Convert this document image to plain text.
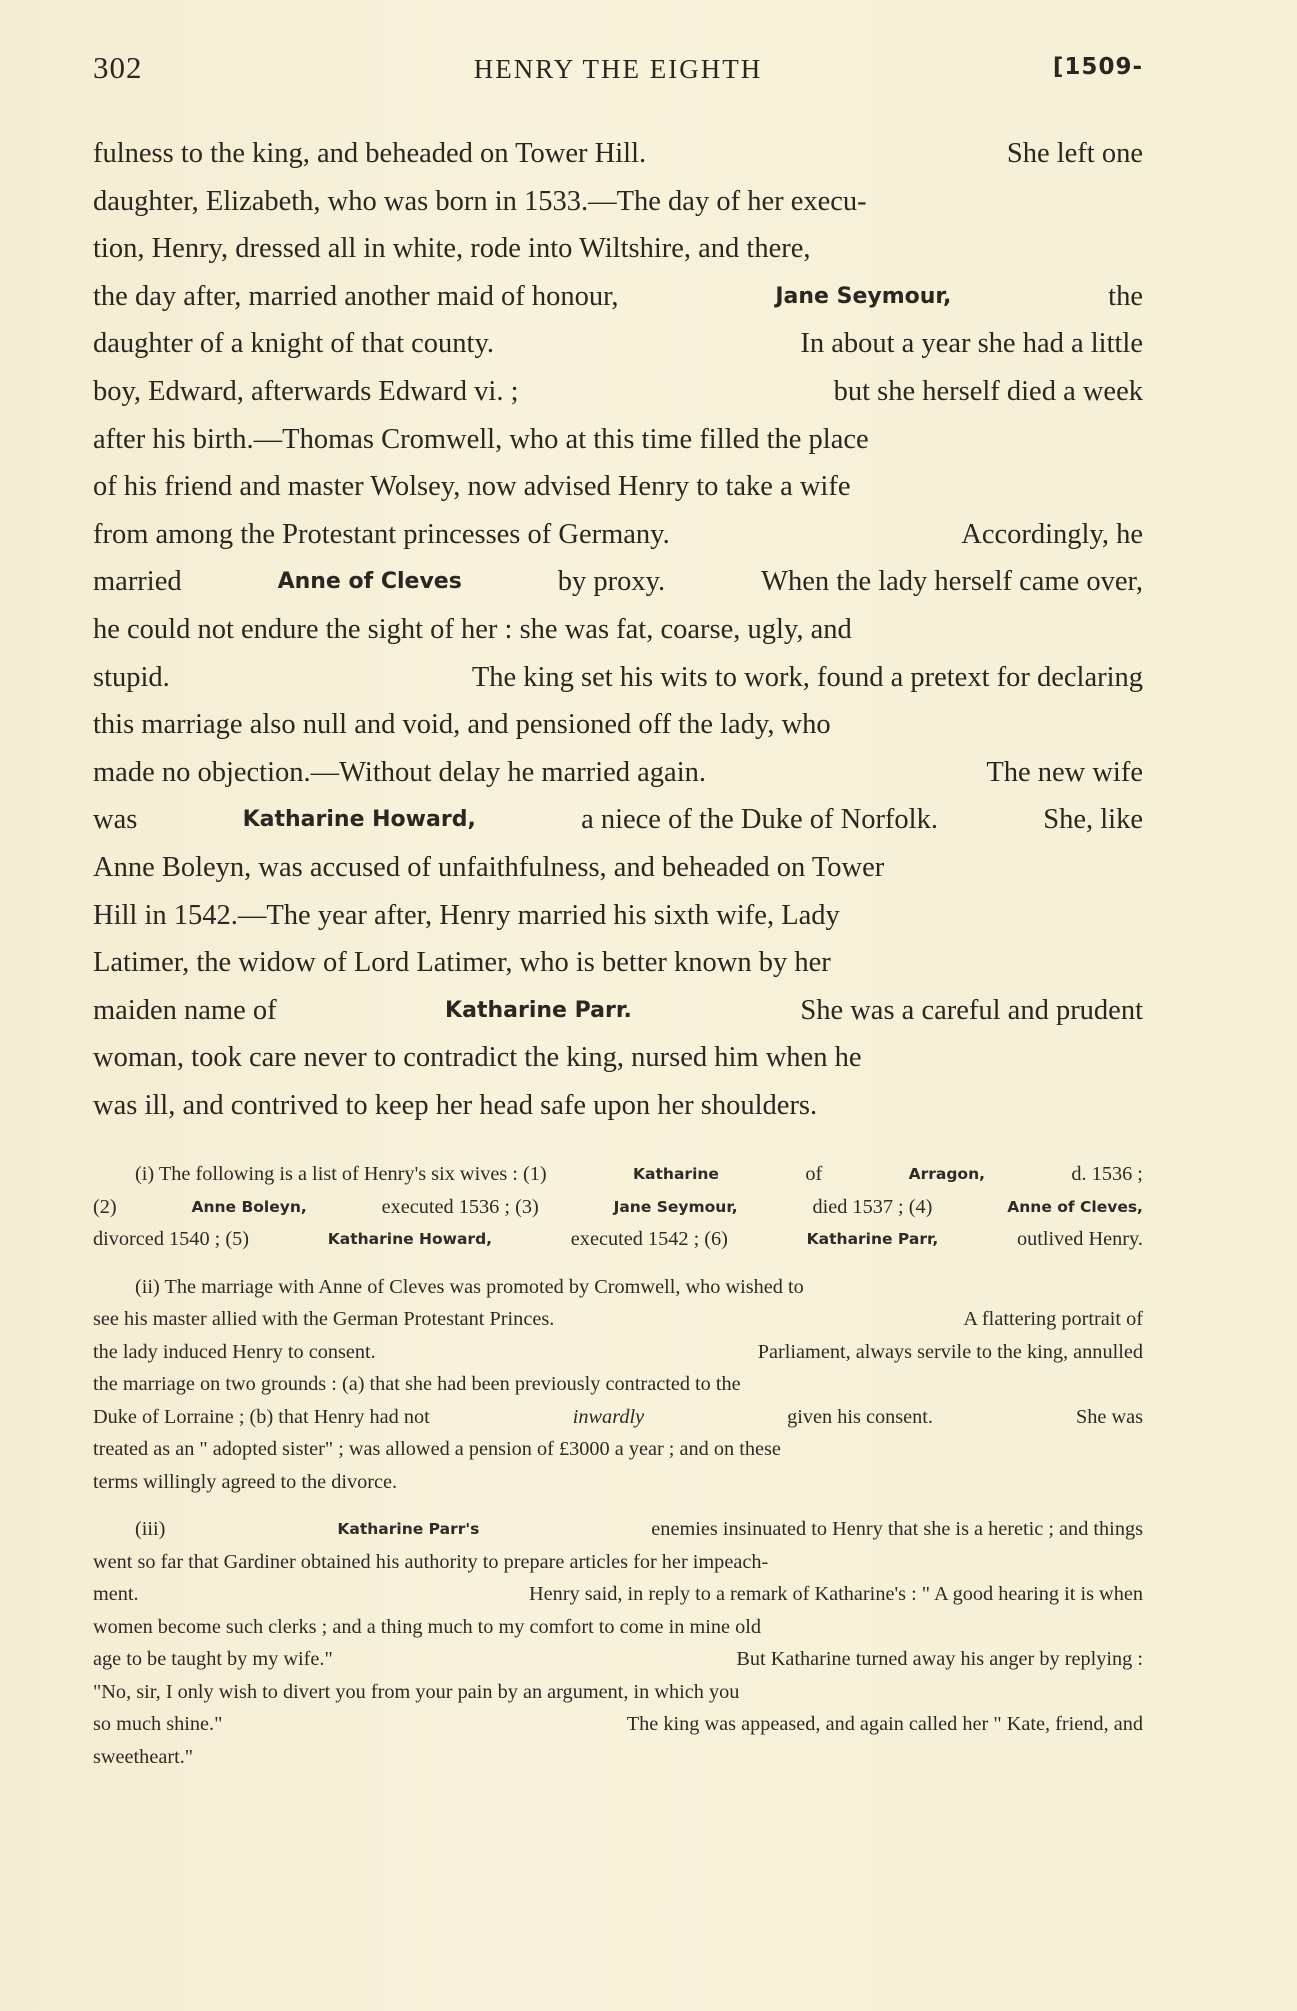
302	HENRY THE EIGHTH	[1509-
fulness to the king, and beheaded on Tower Hill.	She left one
daughter, Elizabeth, who was born in 1533.—The day of her execu-
tion, Henry, dressed all in white, rode into Wiltshire, and there,
the day after, married another maid of honour,	Jane Seymour,	the
daughter of a knight of that county.	In about a year she had a little
boy, Edward, afterwards Edward vi. ;	but she herself died a week
after his birth.—Thomas Cromwell, who at this time filled the place
of his friend and master Wolsey, now advised Henry to take a wife
from among the Protestant princesses of Germany.	Accordingly, he
married	Anne of Cleves	by proxy.	When the lady herself came over,
he could not endure the sight of her : she was fat, coarse, ugly, and
stupid.	The king set his wits to work, found a pretext for declaring
this marriage also null and void, and pensioned off the lady, who
made no objection.—Without delay he married again.	The new wife
was	Katharine Howard,	a niece of the Duke of Norfolk.	She, like
Anne Boleyn, was accused of unfaithfulness, and beheaded on Tower
Hill in 1542.—The year after, Henry married his sixth wife, Lady
Latimer, the widow of Lord Latimer, who is better known by her
maiden name of	Katharine Parr.	She was a careful and prudent
woman, took care never to contradict the king, nursed him when he
was ill, and contrived to keep her head safe upon her shoulders.
(i) The following is a list of Henry's six wives : (1)	Katharine	of	Arragon,	d. 1536 ;
(2)	Anne Boleyn,	executed 1536 ; (3)	Jane Seymour,	died 1537 ; (4)	Anne of Cleves,
divorced 1540 ; (5)	Katharine Howard,	executed 1542 ; (6)	Katharine Parr,	outlived Henry.
(ii) The marriage with Anne of Cleves was promoted by Cromwell, who wished to
see his master allied with the German Protestant Princes.	A flattering portrait of
the lady induced Henry to consent.	Parliament, always servile to the king, annulled
the marriage on two grounds : (a) that she had been previously contracted to the
Duke of Lorraine ; (b) that Henry had not	inwardly	given his consent.	She was
treated as an " adopted sister" ; was allowed a pension of £3000 a year ; and on these
terms willingly agreed to the divorce.
(iii)	Katharine Parr's	enemies insinuated to Henry that she is a heretic ; and things
went so far that Gardiner obtained his authority to prepare articles for her impeach-
ment.	Henry said, in reply to a remark of Katharine's : " A good hearing it is when
women become such clerks ; and a thing much to my comfort to come in mine old
age to be taught by my wife."	But Katharine turned away his anger by replying :
"No, sir, I only wish to divert you from your pain by an argument, in which you
so much shine."	The king was appeased, and again called her " Kate, friend, and
sweetheart."
